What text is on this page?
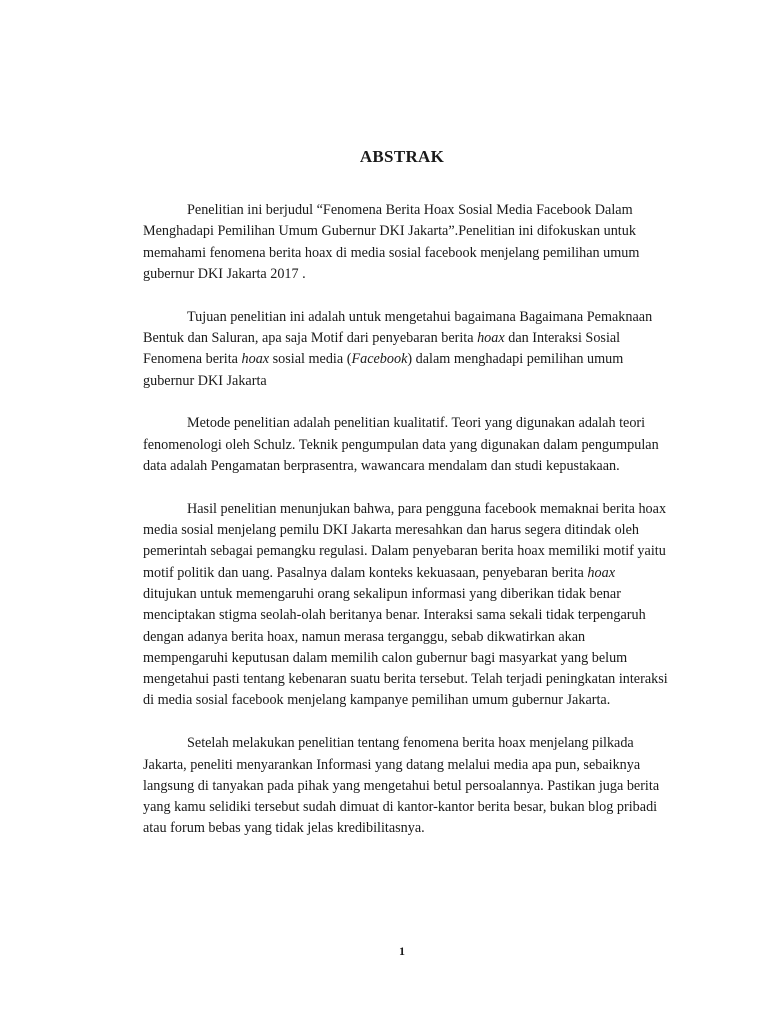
ABSTRAK

Penelitian ini berjudul “Fenomena Berita Hoax Sosial Media Facebook Dalam Menghadapi Pemilihan Umum Gubernur DKI Jakarta”.Penelitian ini difokuskan untuk memahami fenomena berita hoax di media sosial facebook menjelang pemilihan umum gubernur DKI Jakarta 2017 .

Tujuan penelitian ini adalah untuk mengetahui bagaimana Bagaimana Pemaknaan Bentuk dan Saluran, apa saja Motif dari penyebaran berita hoax dan Interaksi Sosial Fenomena berita hoax sosial media (Facebook) dalam menghadapi pemilihan umum gubernur DKI Jakarta

Metode penelitian adalah penelitian kualitatif. Teori yang digunakan adalah teori fenomenologi oleh Schulz. Teknik pengumpulan data yang digunakan dalam pengumpulan data adalah Pengamatan berprasentra, wawancara mendalam dan studi kepustakaan.

Hasil penelitian menunjukan bahwa, para pengguna facebook memaknai berita hoax media sosial menjelang pemilu DKI Jakarta meresahkan dan harus segera ditindak oleh pemerintah sebagai pemangku regulasi. Dalam penyebaran berita hoax memiliki motif yaitu motif politik dan uang. Pasalnya dalam konteks kekuasaan, penyebaran berita hoax ditujukan untuk memengaruhi orang sekalipun informasi yang diberikan tidak benar menciptakan stigma seolah-olah beritanya benar. Interaksi sama sekali tidak terpengaruh dengan adanya berita hoax, namun merasa terganggu, sebab dikwatirkan akan mempengaruhi keputusan dalam memilih calon gubernur bagi masyarkat yang belum mengetahui pasti tentang kebenaran suatu berita tersebut. Telah terjadi peningkatan interaksi di media sosial facebook menjelang kampanye pemilihan umum gubernur Jakarta.

Setelah melakukan penelitian tentang fenomena berita hoax menjelang pilkada Jakarta, peneliti menyarankan Informasi yang datang melalui media apa pun, sebaiknya langsung di tanyakan pada pihak yang mengetahui betul persoalannya. Pastikan juga berita yang kamu selidiki tersebut sudah dimuat di kantor-kantor berita besar, bukan blog pribadi atau forum bebas yang tidak jelas kredibilitasnya.

1
